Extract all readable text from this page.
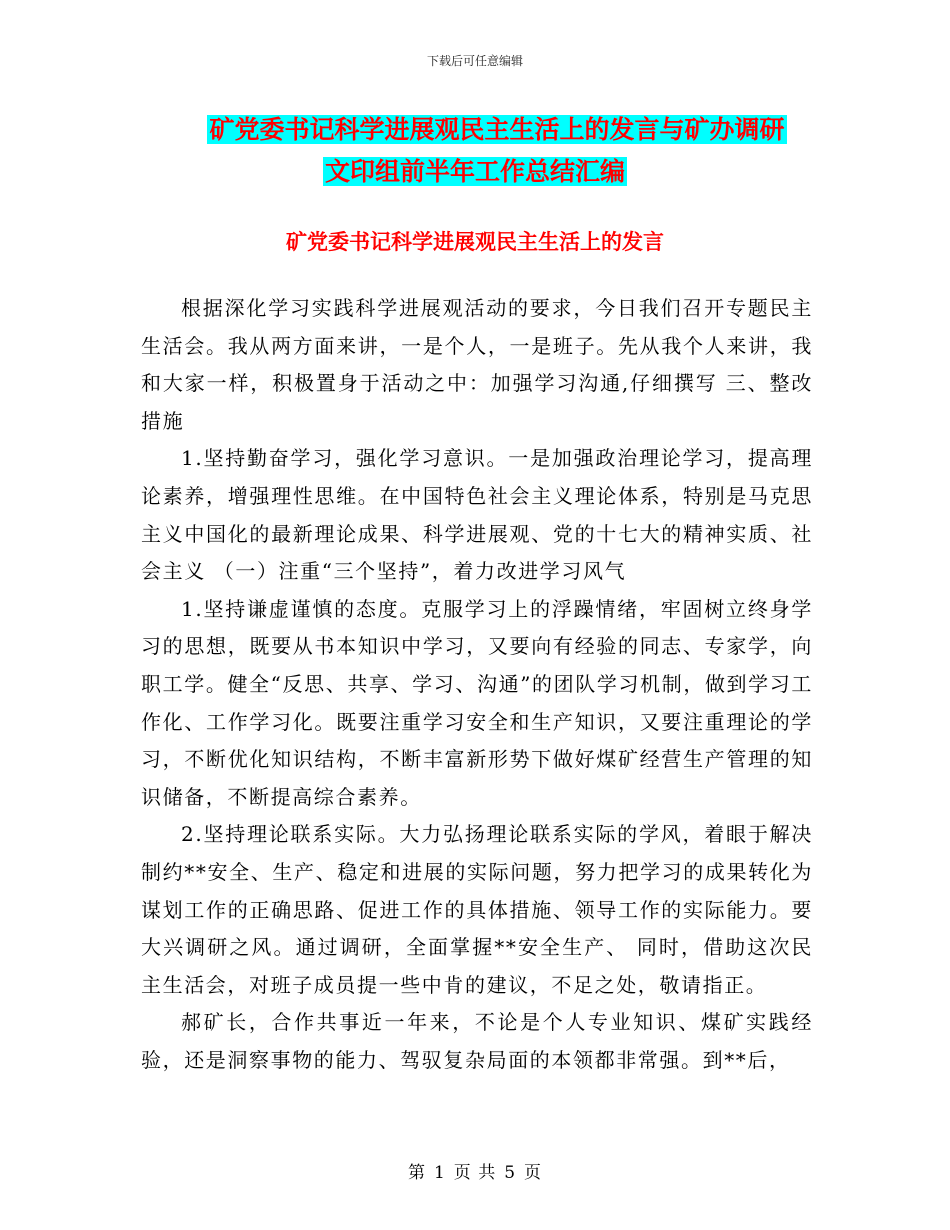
下载后可任意编辑
矿党委书记科学进展观民主生活上的发言与矿办调研
文印组前半年工作总结汇编
矿党委书记科学进展观民主生活上的发言

根据深化学习实践科学进展观活动的要求，今日我们召开专题民主生活会。我从两方面来讲，一是个人，一是班子。先从我个人来讲，我和大家一样，积极置身于活动之中：加强学习沟通,仔细撰写 三、整改措施

1.坚持勤奋学习，强化学习意识。一是加强政治理论学习，提高理论素养，增强理性思维。在中国特色社会主义理论体系，特别是马克思主义中国化的最新理论成果、科学进展观、党的十七大的精神实质、社会主义 （一）注重“三个坚持”，着力改进学习风气

1.坚持谦虚谨慎的态度。克服学习上的浮躁情绪，牢固树立终身学习的思想，既要从书本知识中学习，又要向有经验的同志、专家学，向职工学。健全“反思、共享、学习、沟通”的团队学习机制，做到学习工作化、工作学习化。既要注重学习安全和生产知识，又要注重理论的学习，不断优化知识结构，不断丰富新形势下做好煤矿经营生产管理的知识储备，不断提高综合素养。

2.坚持理论联系实际。大力弘扬理论联系实际的学风，着眼于解决制约**安全、生产、稳定和进展的实际问题，努力把学习的成果转化为谋划工作的正确思路、促进工作的具体措施、领导工作的实际能力。要大兴调研之风。通过调研，全面掌握**安全生产、 同时，借助这次民主生活会，对班子成员提一些中肯的建议，不足之处，敬请指正。

郝矿长，合作共事近一年来，不论是个人专业知识、煤矿实践经验，还是洞察事物的能力、驾驭复杂局面的本领都非常强。到**后，

第 1 页 共 5 页
